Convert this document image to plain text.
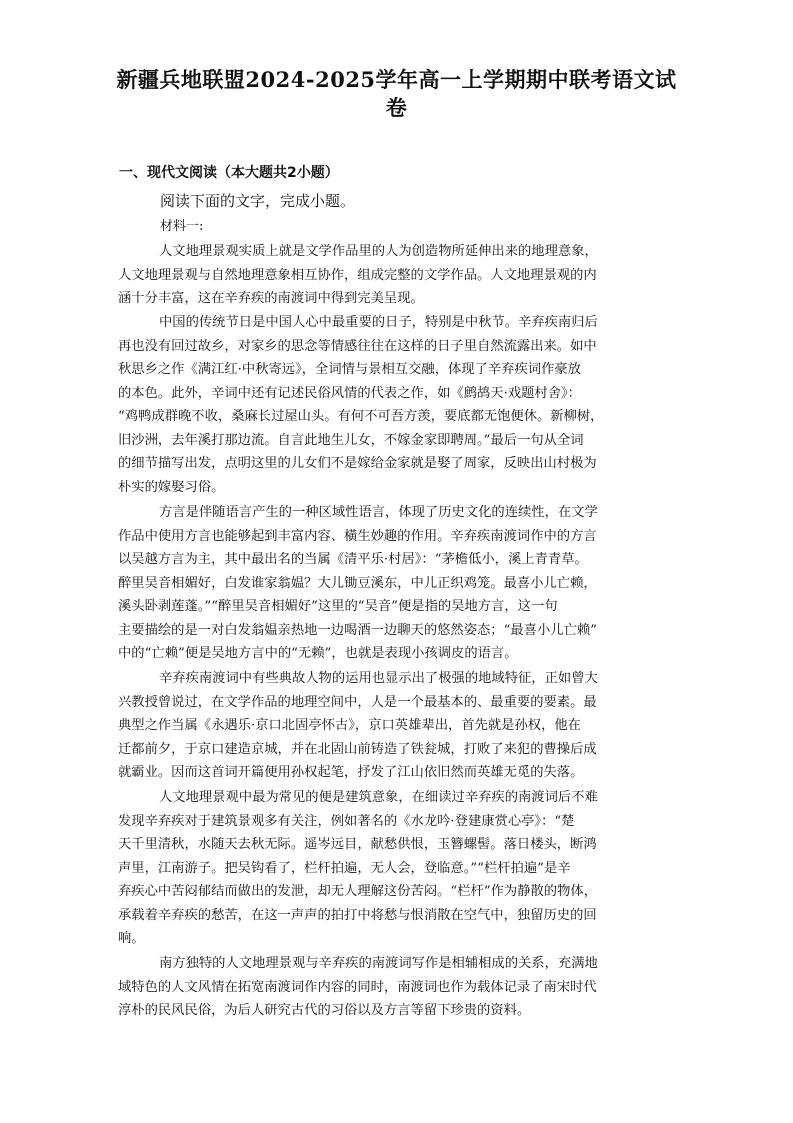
新疆兵地联盟2024-2025学年高一上学期期中联考语文试
卷
一、现代文阅读（本大题共2小题）
阅读下面的文字，完成小题。
材料一:
人文地理景观实质上就是文学作品里的人为创造物所延伸出来的地理意象，
人文地理景观与自然地理意象相互协作，组成完整的文学作品。人文地理景观的内
涵十分丰富，这在辛弃疾的南渡词中得到完美呈现。
中国的传统节日是中国人心中最重要的日子，特别是中秋节。辛弃疾南归后
再也没有回过故乡，对家乡的思念等情感往往在这样的日子里自然流露出来。如中
秋思乡之作《满江红·中秋寄远》，全词情与景相互交融，体现了辛弃疾词作豪放
的本色。此外，辛词中还有记述民俗风情的代表之作，如《鹧鸪天·戏题村舍》：
“鸡鸭成群晚不收，桑麻长过屋山头。有何不可吾方羡，要底都无饱便休。新柳树，
旧沙洲，去年溪打那边流。自言此地生儿女，不嫁金家即聘周。”最后一句从全词
的细节描写出发，点明这里的儿女们不是嫁给金家就是娶了周家，反映出山村极为
朴实的嫁娶习俗。
方言是伴随语言产生的一种区域性语言，体现了历史文化的连续性，在文学
作品中使用方言也能够起到丰富内容、橫生妙趣的作用。辛弃疾南渡词作中的方言
以吴越方言为主，其中最出名的当属《清平乐·村居》：“茅檐低小，溪上青青草。
醉里吴音相媚好，白发谁家翁媪？大儿锄豆溪东，中儿正织鸡笼。最喜小儿亡赖，
溪头卧剥莲蓬。”“醉里吴音相媚好”这里的“吴音”便是指的吴地方言，这一句
主要描绘的是一对白发翁媪亲热地一边喝酒一边聊天的悠然姿态；“最喜小儿亡赖”
中的“亡赖”便是吴地方言中的“无赖”，也就是表现小孩调皮的语言。
辛弃疾南渡词中有些典故人物的运用也显示出了极强的地域特征，正如曾大
兴教授曾说过，在文学作品的地理空间中，人是一个最基本的、最重要的要素。最
典型之作当属《永遇乐·京口北固亭怀古》，京口英雄辈出，首先就是孙权，他在
迁都前夕，于京口建造京城，并在北固山前铸造了铁瓮城，打败了来犯的曹操后成
就霸业。因而这首词开篇便用孙权起笔，抒发了江山依旧然而英雄无觅的失落。
人文地理景观中最为常见的便是建筑意象，在细读过辛弃疾的南渡词后不难
发现辛弃疾对于建筑景观多有关注，例如著名的《水龙吟·登建康赏心亭》：“楚
天千里清秋，水随天去秋无际。遥岑远目，献愁供恨，玉簪螺髻。落日楼头，断鸿
声里，江南游子。把吴钩看了，栏杆拍遍，无人会，登临意。”“栏杆拍遍”是辛
弃疾心中苦闷郁结而做出的发泄，却无人理解这份苦闷。“栏杆”作为静散的物体，
承载着辛弃疾的愁苦，在这一声声的拍打中将愁与恨消散在空气中，独留历史的回
响。
南方独特的人文地理景观与辛弃疾的南渡词写作是相辅相成的关系，充满地
域特色的人文风情在拓宽南渡词作内容的同时，南渡词也作为载体记录了南宋时代
淳朴的民风民俗，为后人研究古代的习俗以及方言等留下珍贵的资料。
